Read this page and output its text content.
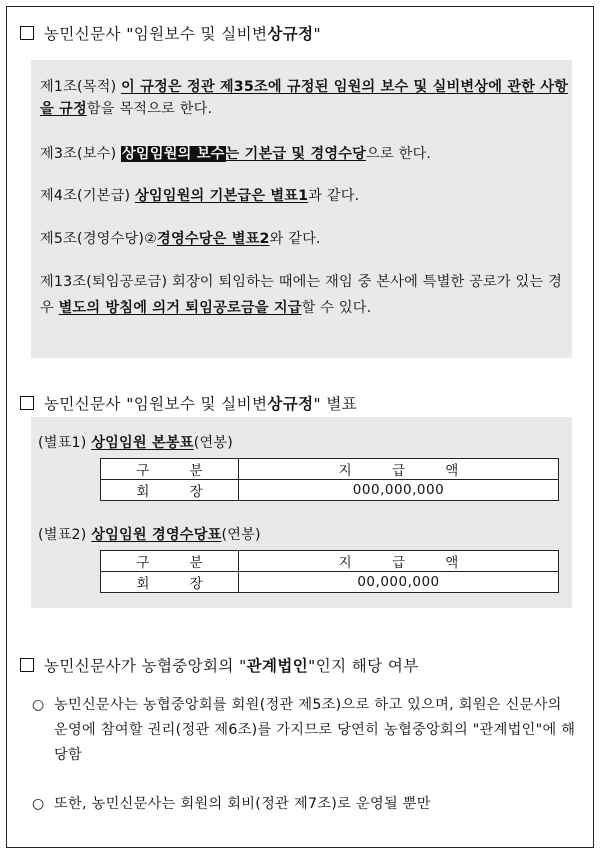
농민신문사 "임원보수 및 실비변상규정"
제1조(목적) 이 규정은 정관 제35조에 규정된 임원의 보수 및 실비변상에 관한 사항을 규정함을 목적으로 한다.
제3조(보수) 상임임원의 보수는 기본급 및 경영수당으로 한다.
제4조(기본급) 상임임원의 기본급은 별표1과 같다.
제5조(경영수당)②경영수당은 별표2와 같다.
제13조(퇴임공로금) 회장이 퇴임하는 때에는 재임 중 본사에 특별한 공로가 있는 경우 별도의 방침에 의거 퇴임공로금을 지급할 수 있다.
농민신문사 "임원보수 및 실비변상규정" 별표
(별표1) 상임임원 본봉표(연봉)
구 분	지 급 액
회 장	000,000,000
(별표2) 상임임원 경영수당표(연봉)
구 분	지 급 액
회 장	00,000,000
농민신문사가 농협중앙회의 "관계법인"인지 해당 여부
○ 농민신문사는 농협중앙회를 회원(정관 제5조)으로 하고 있으며, 회원은 신문사의 운영에 참여할 권리(정관 제6조)를 가지므로 당연히 농협중앙회의 "관계법인"에 해당함
○ 또한, 농민신문사는 회원의 회비(정관 제7조)로 운영될 뿐만
